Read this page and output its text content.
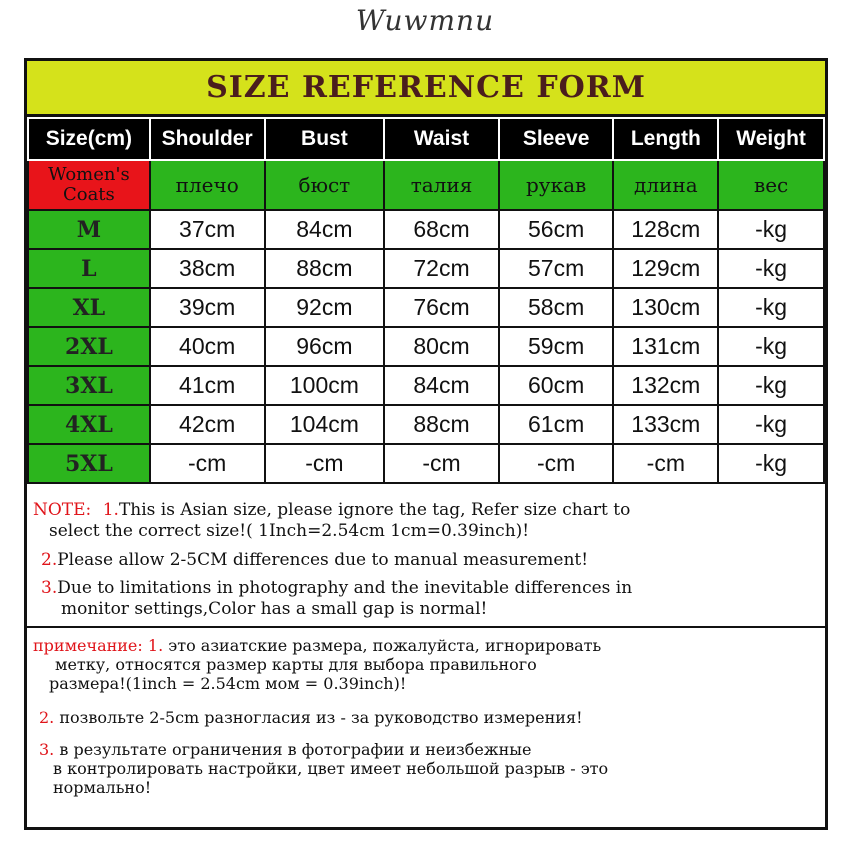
Wuwmnu
SIZE REFERENCE FORM
Size(cm)	Shoulder	Bust	Waist	Sleeve	Length	Weight
Women's Coats	плечо	бюст	талия	рукав	длина	вес
M	37cm	84cm	68cm	56cm	128cm	-kg
L	38cm	88cm	72cm	57cm	129cm	-kg
XL	39cm	92cm	76cm	58cm	130cm	-kg
2XL	40cm	96cm	80cm	59cm	131cm	-kg
3XL	41cm	100cm	84cm	60cm	132cm	-kg
4XL	42cm	104cm	88cm	61cm	133cm	-kg
5XL	-cm	-cm	-cm	-cm	-cm	-kg
NOTE: 1.This is Asian size, please ignore the tag, Refer size chart to
select the correct size!( 1Inch=2.54cm 1cm=0.39inch)!
2.Please allow 2-5CM differences due to manual measurement!
3.Due to limitations in photography and the inevitable differences in
monitor settings,Color has a small gap is normal!
примечание: 1. это азиатские размера, пожалуйста, игнорировать
метку, относятся размер карты для выбора правильного
размера!(1inch = 2.54cm мом = 0.39inch)!
2. позвольте 2-5cm разногласия из - за руководство измерения!
3. в результате ограничения в фотографии и неизбежные
в контролировать настройки, цвет имеет небольшой разрыв - это
нормально!
